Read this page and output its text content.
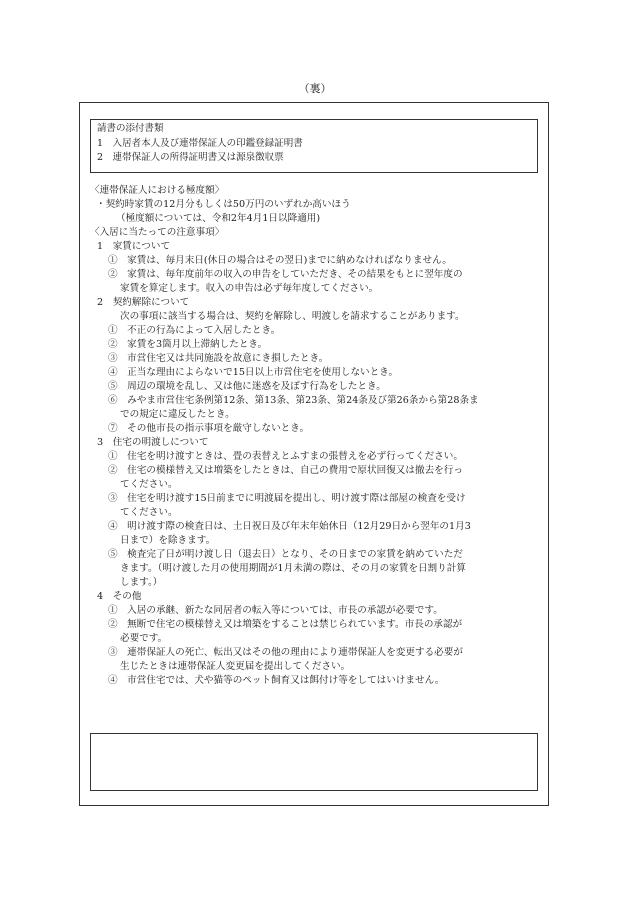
（裏）
請書の添付書類
1　入居者本人及び連帯保証人の印鑑登録証明書
2　連帯保証人の所得証明書又は源泉徴収票
〈連帯保証人における極度額〉
・契約時家賃の12月分もしくは50万円のいずれか高いほう
（極度額については、令和2年4月1日以降適用)
〈入居に当たっての注意事項〉
1　家賃について
①　家賃は、毎月末日(休日の場合はその翌日)までに納めなければなりません。
②　家賃は、毎年度前年の収入の申告をしていただき、その結果をもとに翌年度の
家賃を算定します。収入の申告は必ず毎年度してください。
2　契約解除について
次の事項に該当する場合は、契約を解除し、明渡しを請求することがあります。
①　不正の行為によって入居したとき。
②　家賃を3箇月以上滞納したとき。
③　市営住宅又は共同施設を故意にき損したとき。
④　正当な理由によらないで15日以上市営住宅を使用しないとき。
⑤　周辺の環境を乱し、又は他に迷惑を及ぼす行為をしたとき。
⑥　みやま市営住宅条例第12条、第13条、第23条、第24条及び第26条から第28条ま
での規定に違反したとき。
⑦　その他市長の指示事項を厳守しないとき。
3　住宅の明渡しについて
①　住宅を明け渡すときは、畳の表替えとふすまの張替えを必ず行ってください。
②　住宅の模様替え又は増築をしたときは、自己の費用で原状回復又は撤去を行っ
てください。
③　住宅を明け渡す15日前までに明渡届を提出し、明け渡す際は部屋の検査を受け
てください。
④　明け渡す際の検査日は、土日祝日及び年末年始休日（12月29日から翌年の1月3
日まで）を除きます。
⑤　検査完了日が明け渡し日（退去日）となり、その日までの家賃を納めていただ
きます。（明け渡した月の使用期間が1月未満の際は、その月の家賃を日割り計算
します。）
4　その他
①　入居の承継、新たな同居者の転入等については、市長の承認が必要です。
②　無断で住宅の模様替え又は増築をすることは禁じられています。市長の承認が
必要です。
③　連帯保証人の死亡、転出又はその他の理由により連帯保証人を変更する必要が
生じたときは連帯保証人変更届を提出してください。
④　市営住宅では、犬や猫等のペット飼育又は餌付け等をしてはいけません。
